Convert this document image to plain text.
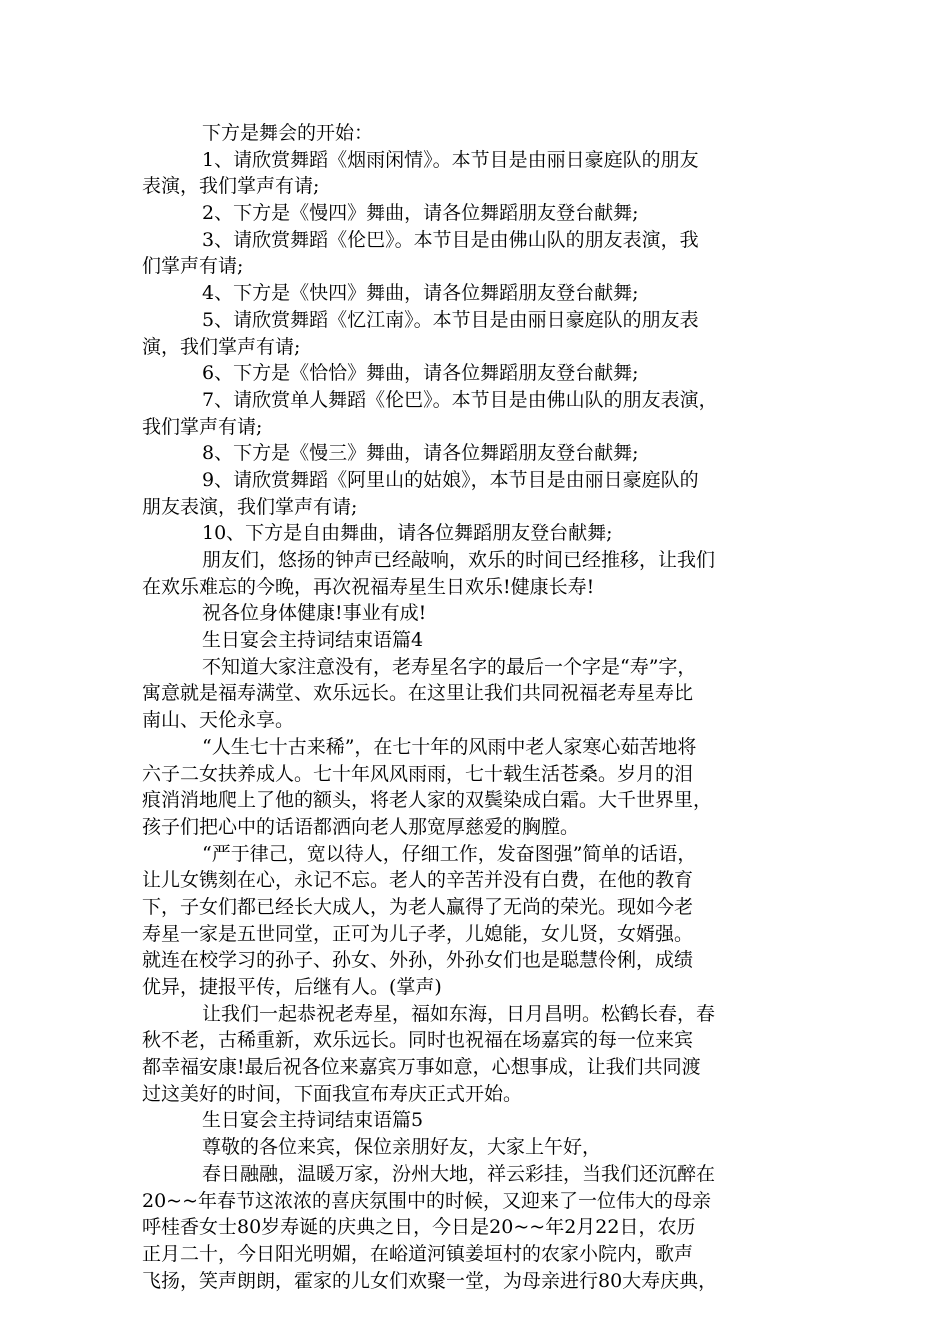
下方是舞会的开始：
1、请欣赏舞蹈《烟雨闲情》。本节目是由丽日豪庭队的朋友
表演，我们掌声有请;
2、下方是《慢四》舞曲，请各位舞蹈朋友登台献舞;
3、请欣赏舞蹈《伦巴》。本节目是由佛山队的朋友表演，我
们掌声有请;
4、下方是《快四》舞曲，请各位舞蹈朋友登台献舞;
5、请欣赏舞蹈《忆江南》。本节目是由丽日豪庭队的朋友表
演，我们掌声有请;
6、下方是《恰恰》舞曲，请各位舞蹈朋友登台献舞;
7、请欣赏单人舞蹈《伦巴》。本节目是由佛山队的朋友表演，
我们掌声有请;
8、下方是《慢三》舞曲，请各位舞蹈朋友登台献舞;
9、请欣赏舞蹈《阿里山的姑娘》，本节目是由丽日豪庭队的
朋友表演，我们掌声有请;
10、下方是自由舞曲，请各位舞蹈朋友登台献舞;
朋友们，悠扬的钟声已经敲响，欢乐的时间已经推移，让我们
在欢乐难忘的今晚，再次祝福寿星生日欢乐!健康长寿!
祝各位身体健康!事业有成!
生日宴会主持词结束语篇4
不知道大家注意没有，老寿星名字的最后一个字是“寿”字，
寓意就是福寿满堂、欢乐远长。在这里让我们共同祝福老寿星寿比
南山、天伦永享。
“人生七十古来稀”，在七十年的风雨中老人家寒心茹苦地将
六子二女扶养成人。七十年风风雨雨，七十载生活苍桑。岁月的泪
痕消消地爬上了他的额头，将老人家的双鬓染成白霜。大千世界里，
孩子们把心中的话语都洒向老人那宽厚慈爱的胸膛。
“严于律己，宽以待人，仔细工作，发奋图强”简单的话语，
让儿女镌刻在心，永记不忘。老人的辛苦并没有白费，在他的教育
下，子女们都已经长大成人，为老人赢得了无尚的荣光。现如今老
寿星一家是五世同堂，正可为儿子孝，儿媳能，女儿贤，女婿强。
就连在校学习的孙子、孙女、外孙，外孙女们也是聪慧伶俐，成绩
优异，捷报平传，后继有人。(掌声)
让我们一起恭祝老寿星，福如东海，日月昌明。松鹤长春，春
秋不老，古稀重新，欢乐远长。同时也祝福在场嘉宾的每一位来宾
都幸福安康!最后祝各位来嘉宾万事如意，心想事成，让我们共同渡
过这美好的时间，下面我宣布寿庆正式开始。
生日宴会主持词结束语篇5
尊敬的各位来宾，保位亲朋好友，大家上午好，
春日融融，温暖万家，汾州大地，祥云彩挂，当我们还沉醉在
20~~年春节这浓浓的喜庆氛围中的时候，又迎来了一位伟大的母亲
呼桂香女士80岁寿诞的庆典之日，今日是20~~年2月22日，农历
正月二十，今日阳光明媚，在峪道河镇姜垣村的农家小院内，歌声
飞扬，笑声朗朗，霍家的儿女们欢聚一堂，为母亲进行80大寿庆典，
